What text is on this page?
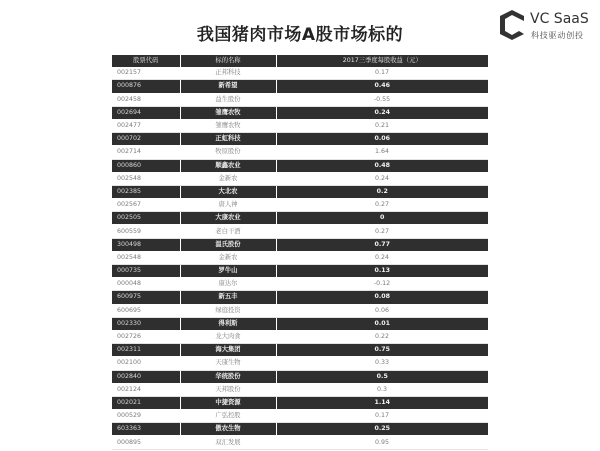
我国猪肉市场A股市场标的
VC SaaS
科技驱动创投
股票代码	标的名称	2017三季度每股收益（元）
002157	正邦科技	0.17
000876	新希望	0.46
002458	益生股份	-0.55
002694	雏鹰农牧	0.24
002477	雏鹰农牧	0.21
000702	正虹科技	0.06
002714	牧原股份	1.64
000860	顺鑫农业	0.48
002548	金新农	0.24
002385	大北农	0.2
002567	唐人神	0.27
002505	大康农业	0
600559	老白干酒	0.27
300498	温氏股份	0.77
002548	金新农	0.24
000735	罗牛山	0.13
000048	康达尔	-0.12
600975	新五丰	0.08
600695	绿庭投资	0.06
002330	得利斯	0.01
002726	龙大肉食	0.22
002311	海大集团	0.75
002100	天康生物	0.33
002840	华统股份	0.5
002124	天邦股份	0.3
002021	中捷资源	1.14
000529	广弘控股	0.17
603363	傲农生物	0.25
000895	双汇发展	0.95
